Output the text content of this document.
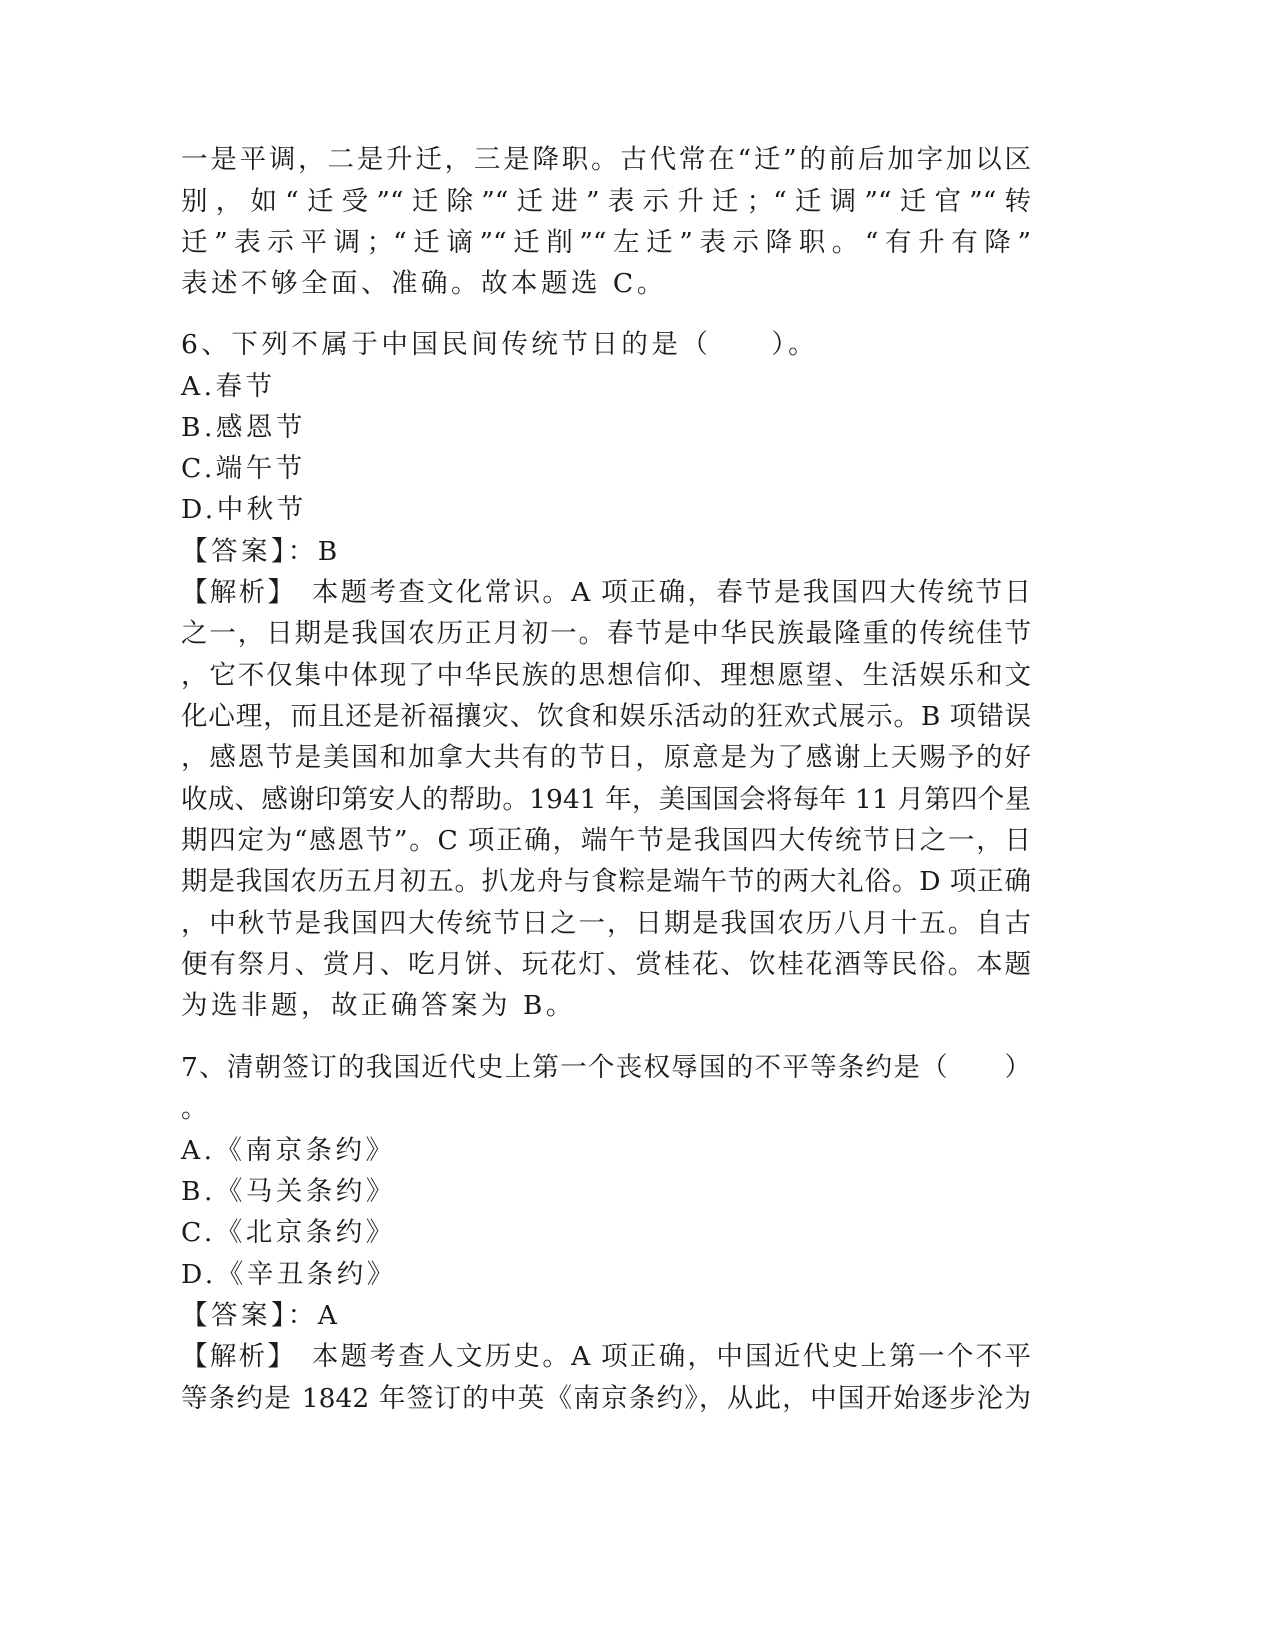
一是平调，二是升迁，三是降职。古代常在“迁”的前后加字加以区
别，如“迁受”“迁除”“迁进”表示升迁；“迁调”“迁官”“转
迁”表示平调；“迁谪”“迁削”“左迁”表示降职。“有升有降”
表述不够全面、准确。故本题选 C。
6、下列不属于中国民间传统节日的是（　　）。
A.春节
B.感恩节
C.端午节
D.中秋节
【答案】：B
【解析】　本题考查文化常识。A 项正确，春节是我国四大传统节日
之一，日期是我国农历正月初一。春节是中华民族最隆重的传统佳节
，它不仅集中体现了中华民族的思想信仰、理想愿望、生活娱乐和文
化心理，而且还是祈福攘灾、饮食和娱乐活动的狂欢式展示。B 项错误
，感恩节是美国和加拿大共有的节日，原意是为了感谢上天赐予的好
收成、感谢印第安人的帮助。1941 年，美国国会将每年 11 月第四个星
期四定为“感恩节”。C 项正确，端午节是我国四大传统节日之一，日
期是我国农历五月初五。扒龙舟与食粽是端午节的两大礼俗。D 项正确
，中秋节是我国四大传统节日之一，日期是我国农历八月十五。自古
便有祭月、赏月、吃月饼、玩花灯、赏桂花、饮桂花酒等民俗。本题
为选非题，故正确答案为 B。
7、清朝签订的我国近代史上第一个丧权辱国的不平等条约是（　　）
。
A.《南京条约》
B.《马关条约》
C.《北京条约》
D.《辛丑条约》
【答案】：A
【解析】　本题考查人文历史。A 项正确，中国近代史上第一个不平
等条约是 1842 年签订的中英《南京条约》，从此，中国开始逐步沦为
